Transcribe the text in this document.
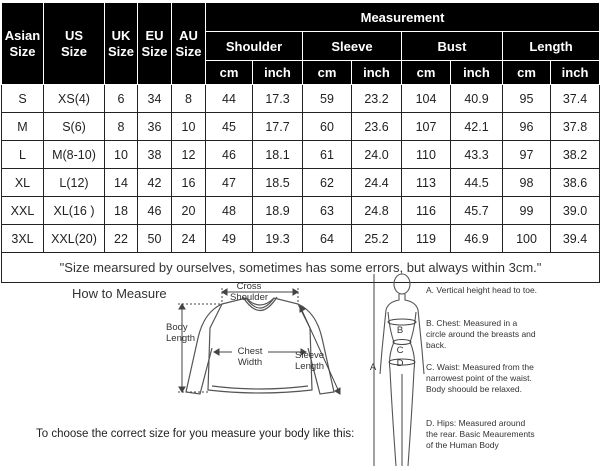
Asian Size	US Size	UK Size	EU Size	AU Size	Measurement							
					Shoulder		Sleeve		Bust		Length	
					cm	inch	cm	inch	cm	inch	cm	inch
S	XS(4)	6	34	8	44	17.3	59	23.2	104	40.9	95	37.4
M	S(6)	8	36	10	45	17.7	60	23.6	107	42.1	96	37.8
L	M(8-10)	10	38	12	46	18.1	61	24.0	110	43.3	97	38.2
XL	L(12)	14	42	16	47	18.5	62	24.4	113	44.5	98	38.6
XXL	XL(16 )	18	46	20	48	18.9	63	24.8	116	45.7	99	39.0
3XL	XXL(20)	22	50	24	49	19.3	64	25.2	119	46.9	100	39.4
"Size mearsured by ourselves, sometimes has some errors, but always within 3cm."												
How to Measure	Cross Shoulder
Body Length
Chest Width
Sleeve Length
To choose the correct size for you measure your body like this:
A
B
C
D
A. Vertical height head to toe.
B. Chest: Measured in a circle around the breasts and back.
C. Waist: Measured from the narrowest point of the waist. Body shoould be relaxed.
D. Hips: Measured around the rear. Basic Meaurements of the Human Body
